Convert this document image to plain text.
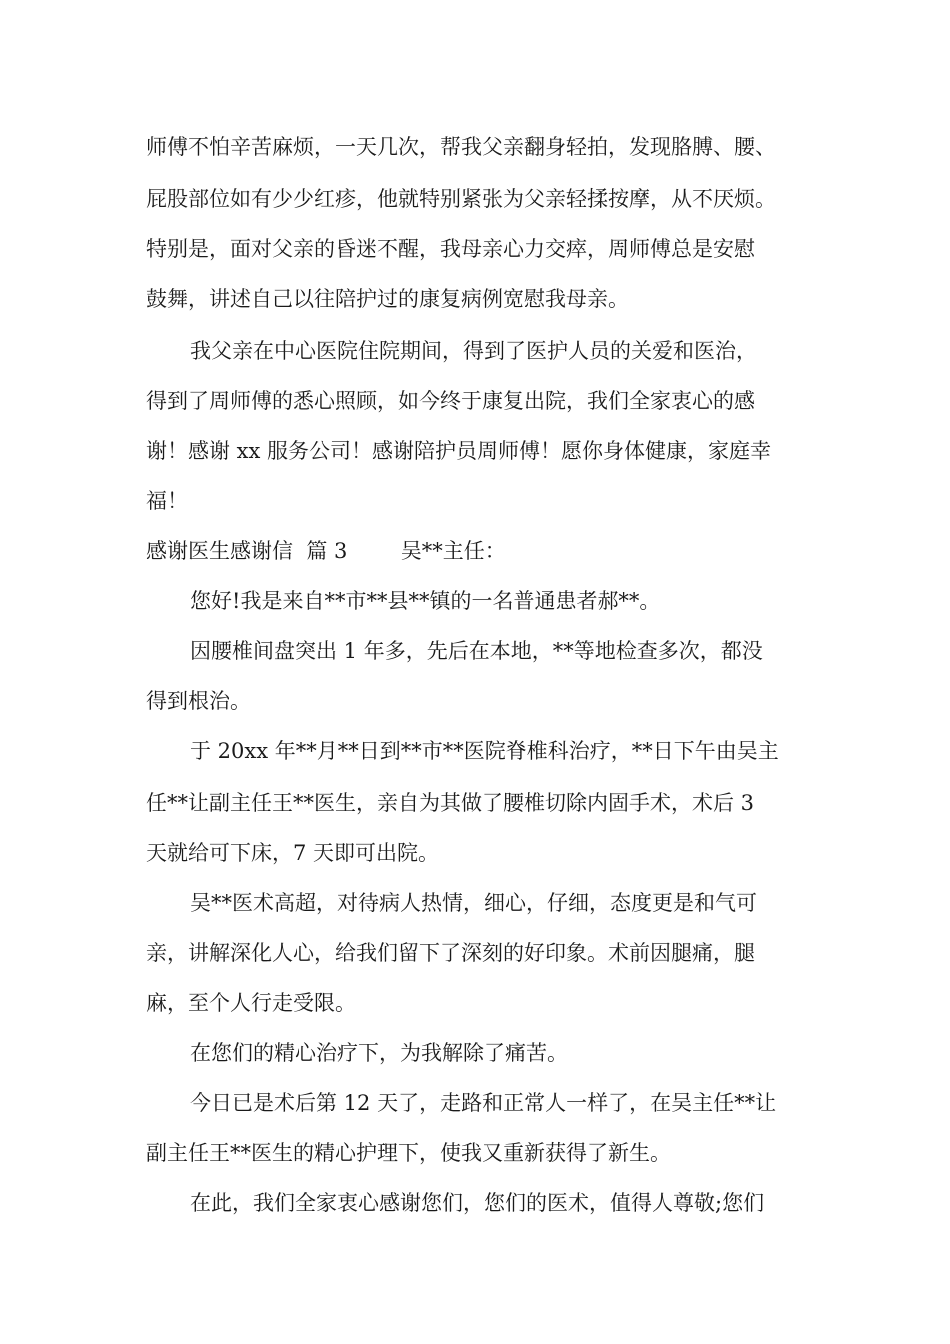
师傅不怕辛苦麻烦，一天几次，帮我父亲翻身轻拍，发现胳膊、腰、
屁股部位如有少少红疹，他就特别紧张为父亲轻揉按摩，从不厌烦。
特别是，面对父亲的昏迷不醒，我母亲心力交瘁，周师傅总是安慰
鼓舞，讲述自己以往陪护过的康复病例宽慰我母亲。
我父亲在中心医院住院期间，得到了医护人员的关爱和医治，
得到了周师傅的悉心照顾，如今终于康复出院，我们全家衷心的感
谢！感谢 xx 服务公司！感谢陪护员周师傅！愿你身体健康，家庭幸
福！
感谢医生感谢信  篇 3        吴**主任：
您好!我是来自**市**县**镇的一名普通患者郝**。
因腰椎间盘突出 1 年多，先后在本地，**等地检查多次，都没
得到根治。
于 20xx 年**月**日到**市**医院脊椎科治疗，**日下午由吴主
任**让副主任王**医生，亲自为其做了腰椎切除内固手术，术后 3
天就给可下床，7 天即可出院。
吴**医术高超，对待病人热情，细心，仔细，态度更是和气可
亲，讲解深化人心，给我们留下了深刻的好印象。术前因腿痛，腿
麻，至个人行走受限。
在您们的精心治疗下，为我解除了痛苦。
今日已是术后第 12 天了，走路和正常人一样了，在吴主任**让
副主任王**医生的精心护理下，使我又重新获得了新生。
在此，我们全家衷心感谢您们，您们的医术，值得人尊敬;您们
